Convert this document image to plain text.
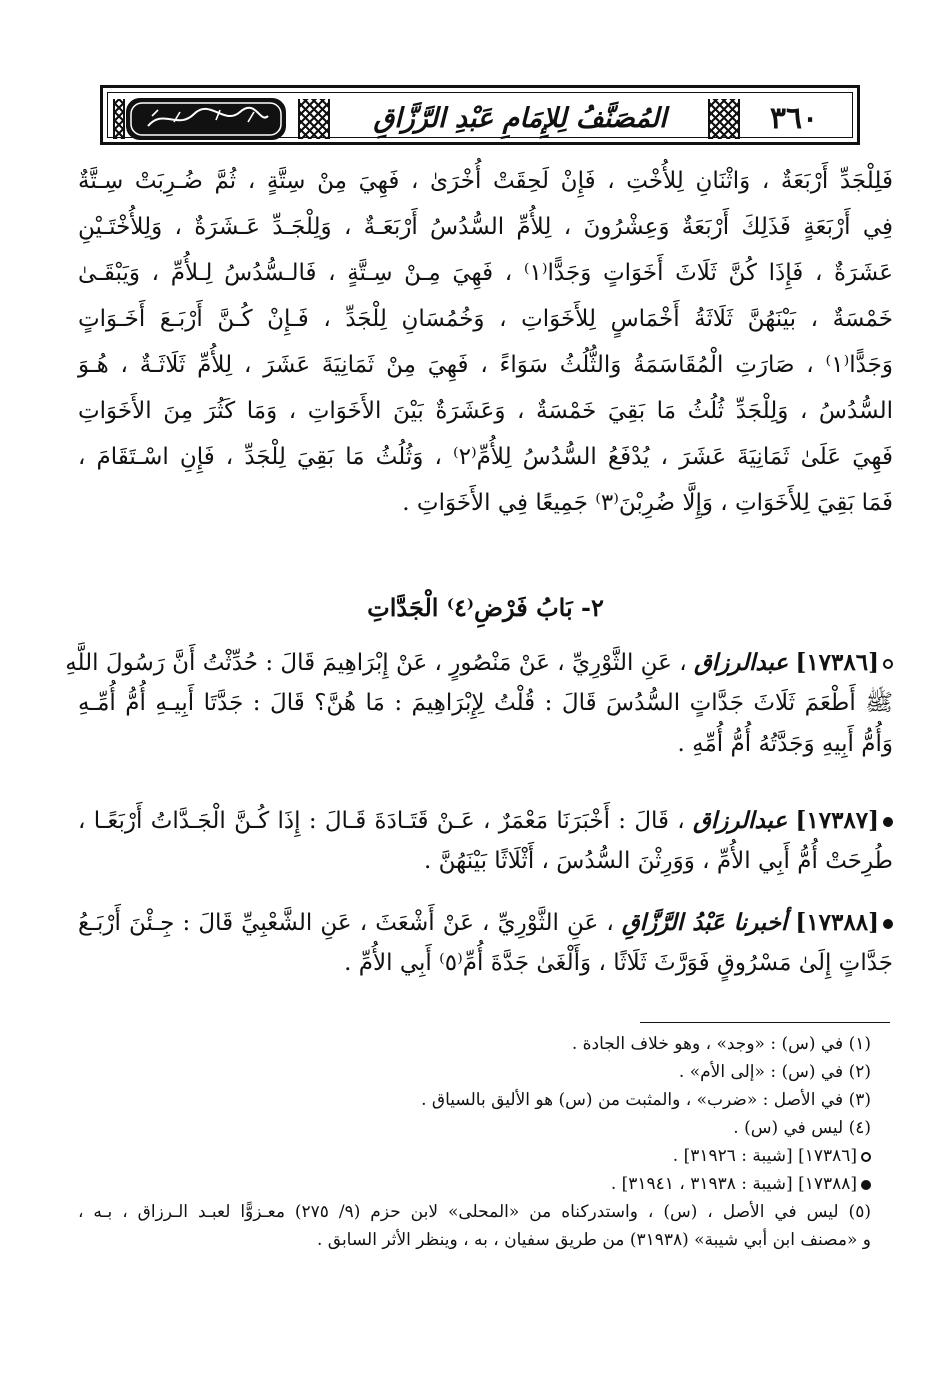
٣٦٠
المُصَنَّفُ لِلإِمَامِ عَبْدِ الرَّزَّاقِ
فَلِلْجَدِّ أَرْبَعَةٌ ، وَاثْنَانِ لِلأُخْتِ ، فَإِنْ لَحِقَتْ أُخْرَىٰ ، فَهِيَ مِنْ سِتَّةٍ ، ثُمَّ ضُـرِبَتْ سِـتَّةٌ
فِي أَرْبَعَةٍ فَذَلِكَ أَرْبَعَةٌ وَعِشْرُونَ ، لِلأُمِّ السُّدُسُ أَرْبَعَـةٌ ، وَلِلْجَـدِّ عَـشَرَةٌ ، وَلِلأُخْتَـيْنِ
عَشَرَةٌ ، فَإِذَا كُنَّ ثَلَاثَ أَخَوَاتٍ وَجَدًّا⁽١⁾ ، فَهِيَ مِـنْ سِـتَّةٍ ، فَالـسُّدُسُ لِـلأُمِّ ، وَيَبْقَـىٰ
خَمْسَةٌ ، بَيْنَهُنَّ ثَلَاثَةُ أَخْمَاسٍ لِلأَخَوَاتِ ، وَخُمُسَانِ لِلْجَدِّ ، فَـإِنْ كُـنَّ أَرْبَـعَ أَخَـوَاتٍ
وَجَدًّا⁽١⁾ ، صَارَتِ الْمُقَاسَمَةُ وَالثُّلُثُ سَوَاءً ، فَهِيَ مِنْ ثَمَانِيَةَ عَشَرَ ، لِلأُمِّ ثَلَاثَـةٌ ، هُـوَ
السُّدُسُ ، وَلِلْجَدِّ ثُلُثُ مَا بَقِيَ خَمْسَةٌ ، وَعَشَرَةٌ بَيْنَ الأَخَوَاتِ ، وَمَا كَثُرَ مِنَ الأَخَوَاتِ
فَهِيَ عَلَىٰ ثَمَانِيَةَ عَشَرَ ، يُدْفَعُ السُّدُسُ لِلأُمِّ⁽٢⁾ ، وَثُلُثُ مَا بَقِيَ لِلْجَدِّ ، فَإِنِ اسْـتَقَامَ ،
فَمَا بَقِيَ لِلأَخَوَاتِ ، وَإِلَّا ضُرِبْنَ⁽٣⁾ جَمِيعًا فِي الأَخَوَاتِ .
٢- بَابُ فَرْضِ⁽٤⁾ الْجَدَّاتِ
[١٧٣٨٦] عبدالرزاق ، عَنِ الثَّوْرِيِّ ، عَنْ مَنْصُورٍ ، عَنْ إِبْرَاهِيمَ قَالَ : حُدِّثْتُ أَنَّ رَسُولَ اللَّهِ
ﷺ أَطْعَمَ ثَلَاثَ جَدَّاتٍ السُّدُسَ قَالَ : قُلْتُ لِإِبْرَاهِيمَ : مَا هُنَّ؟ قَالَ : جَدَّتَا أَبِيـهِ أُمُّ أُمِّـهِ
وَأُمُّ أَبِيهِ وَجَدَّتُهُ أُمُّ أُمِّهِ .
[١٧٣٨٧] عبدالرزاق ، قَالَ : أَخْبَرَنَا مَعْمَرٌ ، عَـنْ قَتَـادَةَ قَـالَ : إِذَا كُـنَّ الْجَـدَّاتُ أَرْبَعًـا ،
طُرِحَتْ أُمُّ أَبِي الأُمِّ ، وَوَرِثْنَ السُّدُسَ ، أَثْلَاثًا بَيْنَهُنَّ .
[١٧٣٨٨] أخبرنا عَبْدُ الرَّزَّاقِ ، عَنِ الثَّوْرِيِّ ، عَنْ أَشْعَثَ ، عَنِ الشَّعْبِيِّ قَالَ : جِـئْنَ أَرْبَـعُ
جَدَّاتٍ إِلَىٰ مَسْرُوقٍ فَوَرَّثَ ثَلَاثًا ، وَأَلْغَىٰ جَدَّةَ أُمِّ⁽٥⁾ أَبِي الأُمِّ .
(١) في (س) : «وجد» ، وهو خلاف الجادة .
(٢) في (س) : «إلى الأم» .
(٣) في الأصل : «ضرب» ، والمثبت من (س) هو الأليق بالسياق .
(٤) ليس في (س) .
[١٧٣٨٦] [شيبة : ٣١٩٢٦] .
[١٧٣٨٨] [شيبة : ٣١٩٣٨ ، ٣١٩٤١] .
(٥) ليس في الأصل ، (س) ، واستدركناه من «المحلى» لابن حزم (٩/ ٢٧٥) معـزوًّا لعبـد الـرزاق ، بـه ،
و «مصنف ابن أبي شيبة» (٣١٩٣٨) من طريق سفيان ، به ، وينظر الأثر السابق .
